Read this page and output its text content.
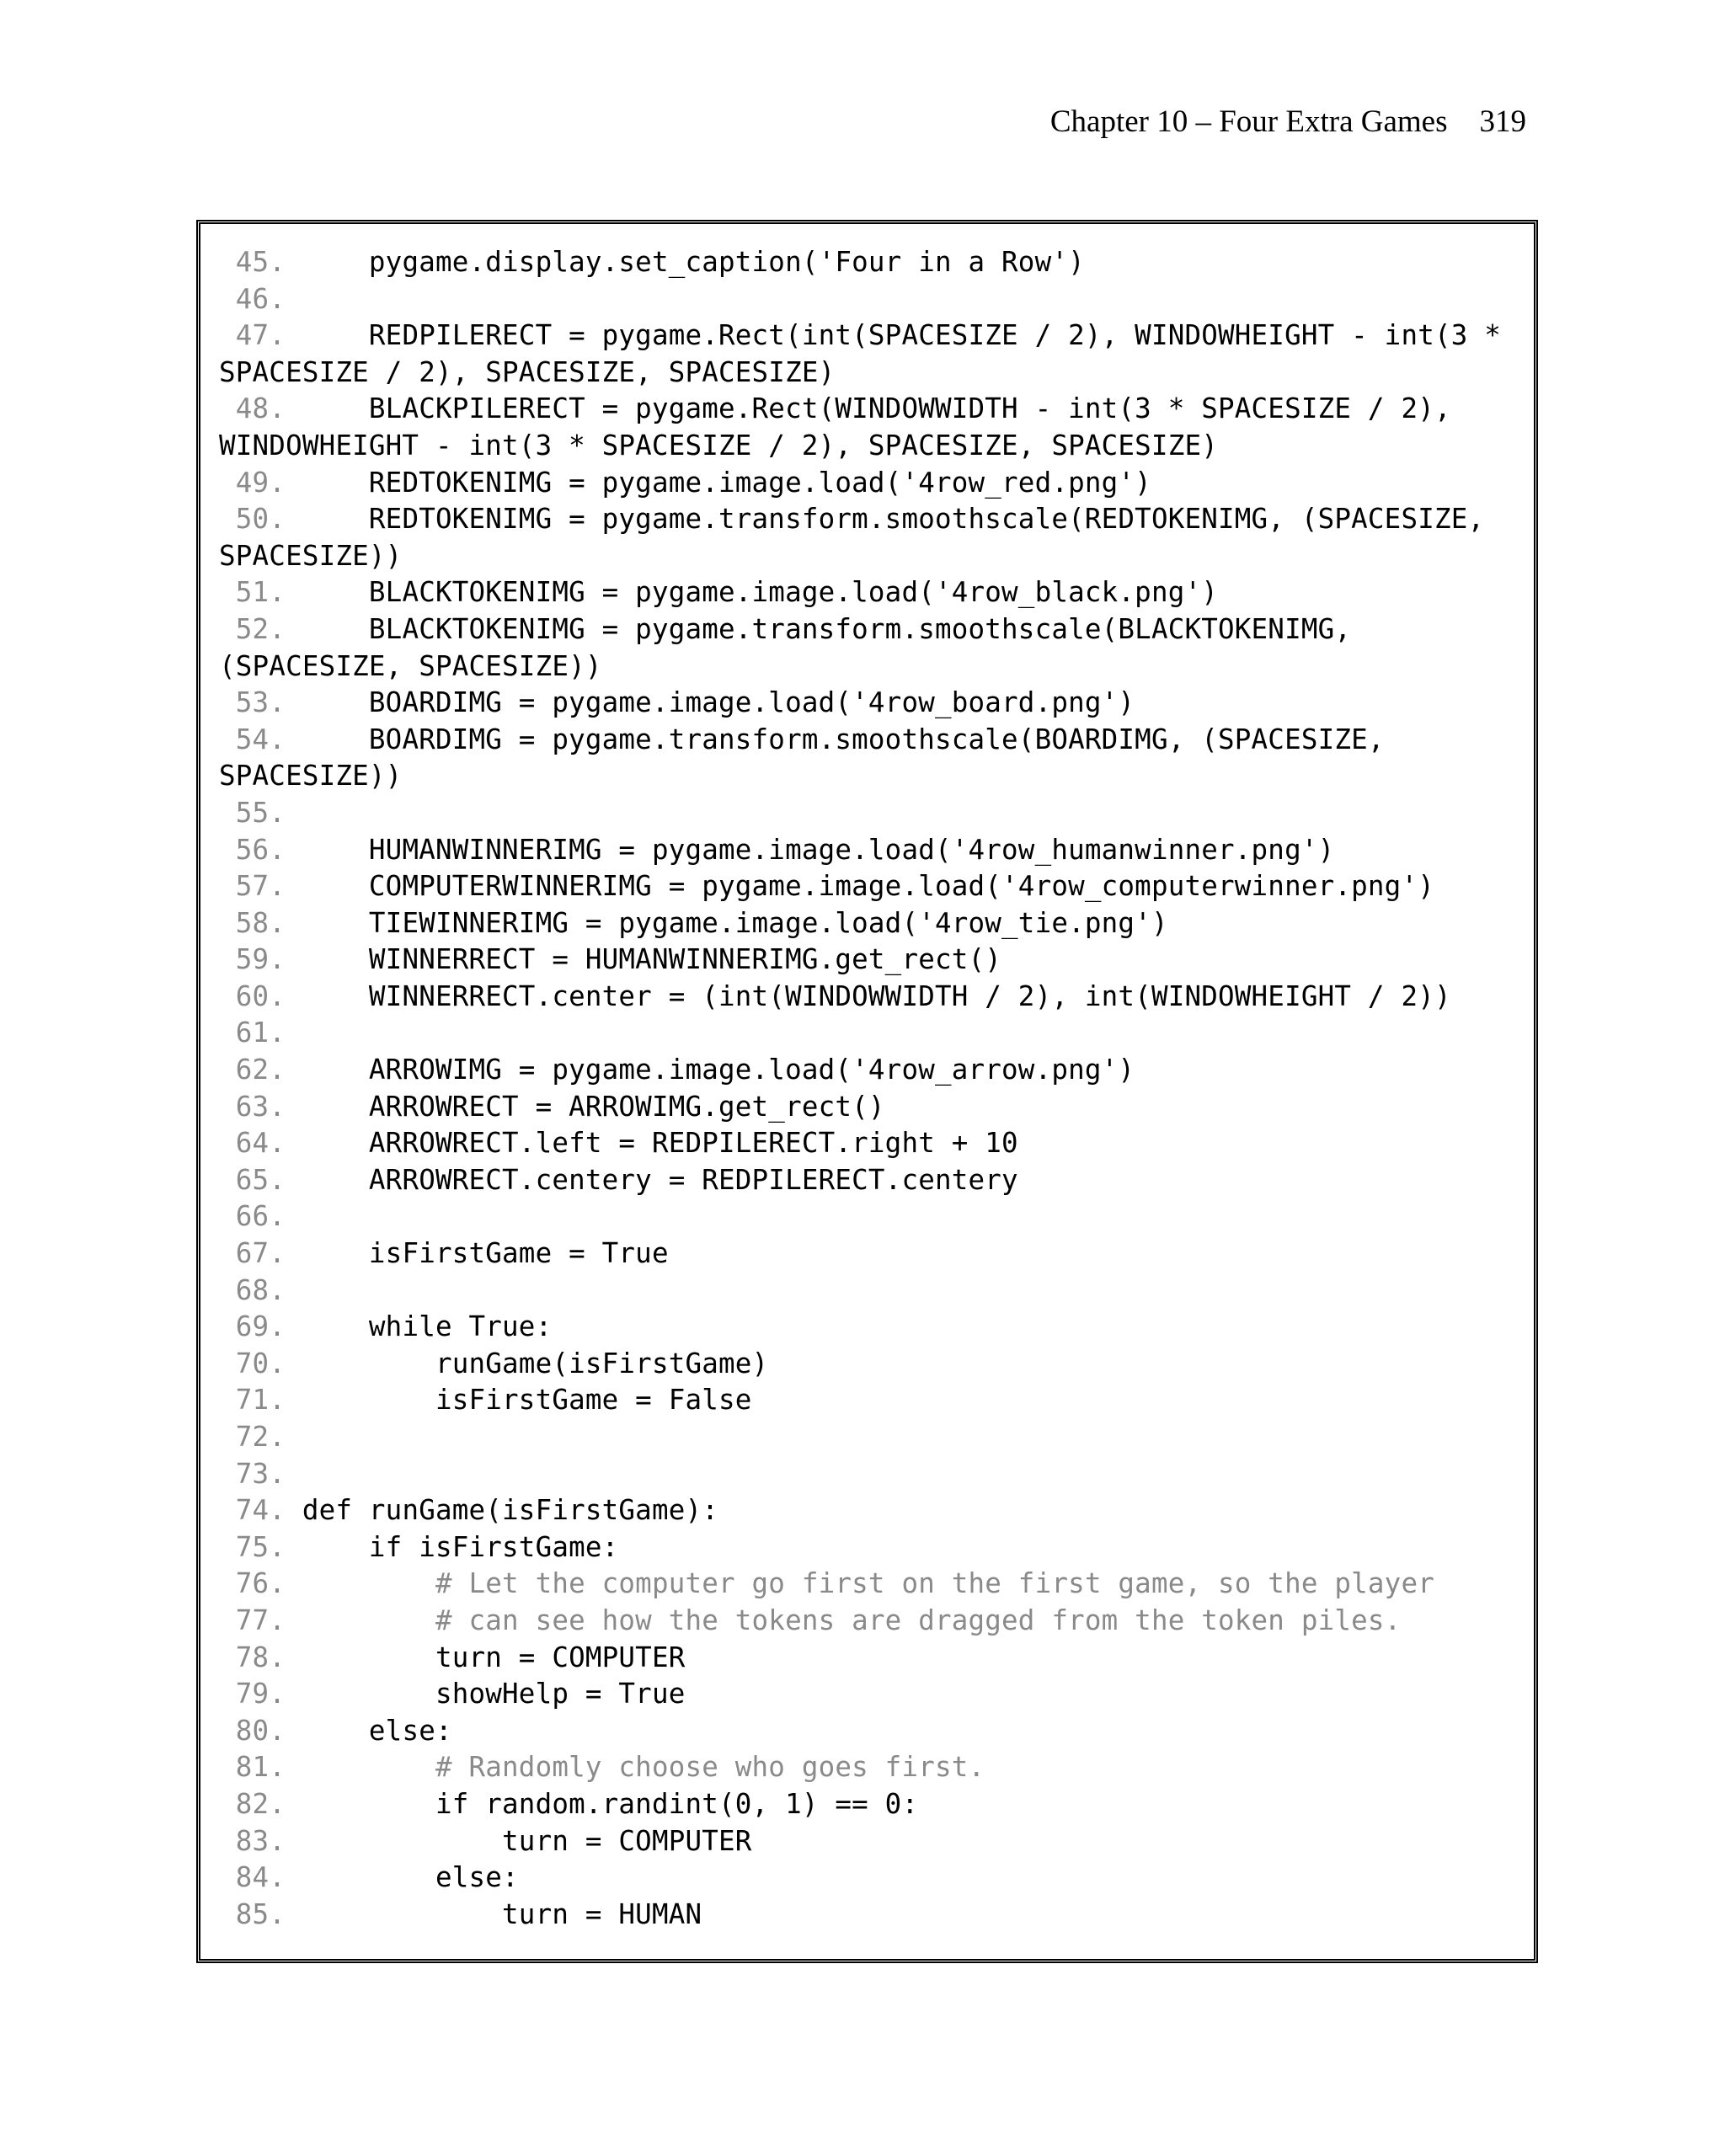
Chapter 10 – Four Extra Games 319
45.     pygame.display.set_caption('Four in a Row')
46.
47.     REDPILERECT = pygame.Rect(int(SPACESIZE / 2), WINDOWHEIGHT - int(3 *
SPACESIZE / 2), SPACESIZE, SPACESIZE)
48.     BLACKPILERECT = pygame.Rect(WINDOWWIDTH - int(3 * SPACESIZE / 2),
WINDOWHEIGHT - int(3 * SPACESIZE / 2), SPACESIZE, SPACESIZE)
49.     REDTOKENIMG = pygame.image.load('4row_red.png')
50.     REDTOKENIMG = pygame.transform.smoothscale(REDTOKENIMG, (SPACESIZE,
SPACESIZE))
51.     BLACKTOKENIMG = pygame.image.load('4row_black.png')
52.     BLACKTOKENIMG = pygame.transform.smoothscale(BLACKTOKENIMG,
(SPACESIZE, SPACESIZE))
53.     BOARDIMG = pygame.image.load('4row_board.png')
54.     BOARDIMG = pygame.transform.smoothscale(BOARDIMG, (SPACESIZE,
SPACESIZE))
55.
56.     HUMANWINNERIMG = pygame.image.load('4row_humanwinner.png')
57.     COMPUTERWINNERIMG = pygame.image.load('4row_computerwinner.png')
58.     TIEWINNERIMG = pygame.image.load('4row_tie.png')
59.     WINNERRECT = HUMANWINNERIMG.get_rect()
60.     WINNERRECT.center = (int(WINDOWWIDTH / 2), int(WINDOWHEIGHT / 2))
61.
62.     ARROWIMG = pygame.image.load('4row_arrow.png')
63.     ARROWRECT = ARROWIMG.get_rect()
64.     ARROWRECT.left = REDPILERECT.right + 10
65.     ARROWRECT.centery = REDPILERECT.centery
66.
67.     isFirstGame = True
68.
69.     while True:
70.         runGame(isFirstGame)
71.         isFirstGame = False
72.
73.
74. def runGame(isFirstGame):
75.     if isFirstGame:
76.         # Let the computer go first on the first game, so the player
77.         # can see how the tokens are dragged from the token piles.
78.         turn = COMPUTER
79.         showHelp = True
80.     else:
81.         # Randomly choose who goes first.
82.         if random.randint(0, 1) == 0:
83.             turn = COMPUTER
84.         else:
85.             turn = HUMAN
